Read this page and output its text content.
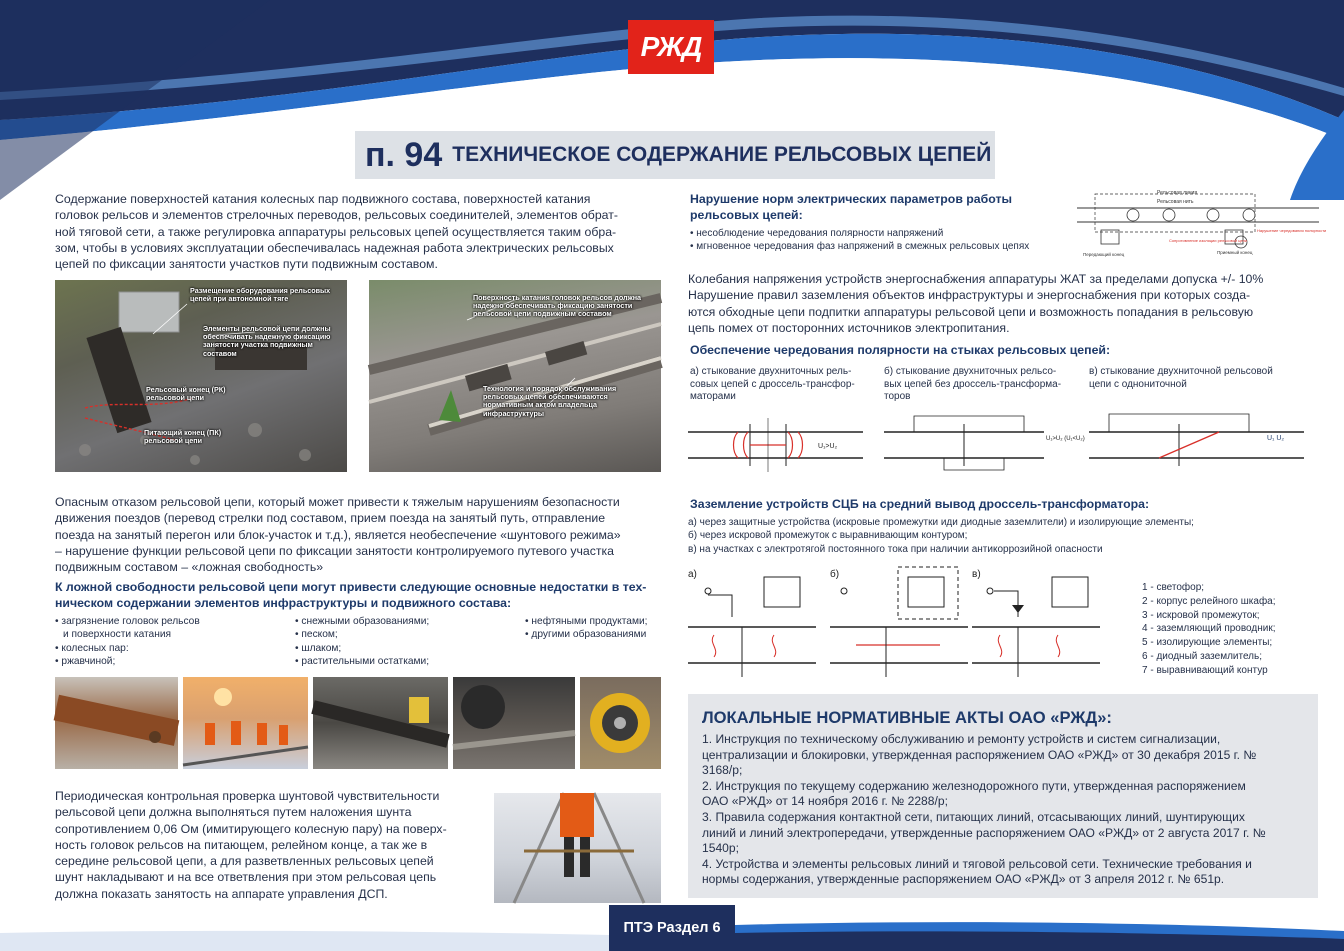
РЖД
п. 94 ТЕХНИЧЕСКОЕ СОДЕРЖАНИЕ РЕЛЬСОВЫХ ЦЕПЕЙ
Содержание поверхностей катания колесных пар подвижного состава, поверхностей катания
головок рельсов и элементов стрелочных переводов, рельсовых соединителей, элементов обрат-
ной тяговой сети, а также регулировка аппаратуры рельсовых цепей осуществляется таким обра-
зом, чтобы в условиях эксплуатации обеспечивалась надежная работа электрических рельсовых
цепей по фиксации занятости участков пути подвижным составом.
Размещение оборудования рельсовых цепей при автономной тяге
Элементы рельсовой цепи должны обеспечивать надежную фиксацию занятости участка подвижным составом
Рельсовый конец (РК) рельсовой цепи
Питающий конец (ПК) рельсовой цепи
Поверхность катания головок рельсов должна надежно обеспечивать фиксацию занятости рельсовой цепи подвижным составом
Технология и порядок обслуживания рельсовых цепей обеспечиваются нормативным актом владельца инфраструктуры
Опасным отказом рельсовой цепи, который может привести к тяжелым нарушениям безопасности
движения поездов (перевод стрелки под составом, прием поезда на занятый путь, отправление
поезда на занятый перегон или блок-участок и т.д.), является необеспечение «шунтового режима»
– нарушение функции рельсовой цепи по фиксации занятости контролируемого путевого участка
подвижным составом – «ложная свободность»
К ложной свободности рельсовой цепи могут привести следующие основные недостатки в тех-
ническом содержании элементов инфраструктуры и подвижного состава:
• загрязнение головок рельсов
и поверхности катания
• колесных пар:
• ржавчиной;
• снежными образованиями;
• песком;
• шлаком;
• растительными остатками;
• нефтяными продуктами;
• другими образованиями
Периодическая контрольная проверка шунтовой чувствительности
рельсовой цепи должна выполняться путем наложения шунта
сопротивлением 0,06 Ом (имитирующего колесную пару) на поверх-
ность головок рельсов на питающем, релейном конце, а так же в
середине рельсовой цепи, а для разветвленных рельсовых цепей
шунт накладывают и на все ответвления при этом рельсовая цепь
должна показать занятость на аппарате управления ДСП.
Нарушение норм электрических параметров работы
рельсовых цепей:
• несоблюдение чередования полярности напряжений
• мгновенное чередования фаз напряжений в смежных рельсовых цепях
Рельсовая линия
Рельсовая нить
Передающий конец	Приемный конец
Сопротивление изоляции рельсовой цепи
Нарушение чередования полярности
Колебания напряжения устройств энергоснабжения аппаратуры ЖАТ за пределами допуска +/- 10%
Нарушение правил заземления объектов инфраструктуры и энергоснабжения при которых созда-
ются обходные цепи подпитки аппаратуры рельсовой цепи и возможность попадания в рельсовую
цепь помех от посторонних источников электропитания.
Обеспечение чередования полярности на стыках рельсовых цепей:
а) стыкование двухниточных рель-
совых цепей с дроссель-трансфор-
маторами
б) стыкование двухниточных рельсо-
вых цепей без дроссель-трансформа-
торов
в) стыкование двухниточной рельсовой
цепи с однониточной
U₁>U₂
U₁>U₂ (U₁<U₂)	U₁ U₂
Заземление устройств СЦБ на средний вывод дроссель-трансформатора:
а) через защитные устройства (искровые промежутки иди диодные заземлители) и изолирующие элементы;
б) через искровой промежуток с выравнивающим контуром;
в) на участках с электротягой постоянного тока при наличии антикоррозийной опасности
а)	б)	в)
1 - светофор;
2 - корпус релейного шкафа;
3 - искровой промежуток;
4 - заземляющий проводник;
5 - изолирующие элементы;
6 - диодный заземлитель;
7 - выравнивающий контур
ЛОКАЛЬНЫЕ НОРМАТИВНЫЕ АКТЫ ОАО «РЖД»:
1. Инструкция по техническому обслуживанию и ремонту устройств и систем сигнализации,
централизации и блокировки, утвержденная распоряжением ОАО «РЖД» от 30 декабря 2015 г. №
3168/р;
2. Инструкция по текущему содержанию железнодорожного пути, утвержденная распоряжением
ОАО «РЖД» от 14 ноября 2016 г. № 2288/р;
3. Правила содержания контактной сети, питающих линий, отсасывающих линий, шунтирующих
линий и линий электропередачи, утвержденные распоряжением ОАО «РЖД» от 2 августа 2017 г. №
1540р;
4. Устройства и элементы рельсовых линий и тяговой рельсовой сети. Технические требования и
нормы содержания, утвержденные распоряжением ОАО «РЖД» от 3 апреля 2012 г. № 651р.
ПТЭ Раздел 6
